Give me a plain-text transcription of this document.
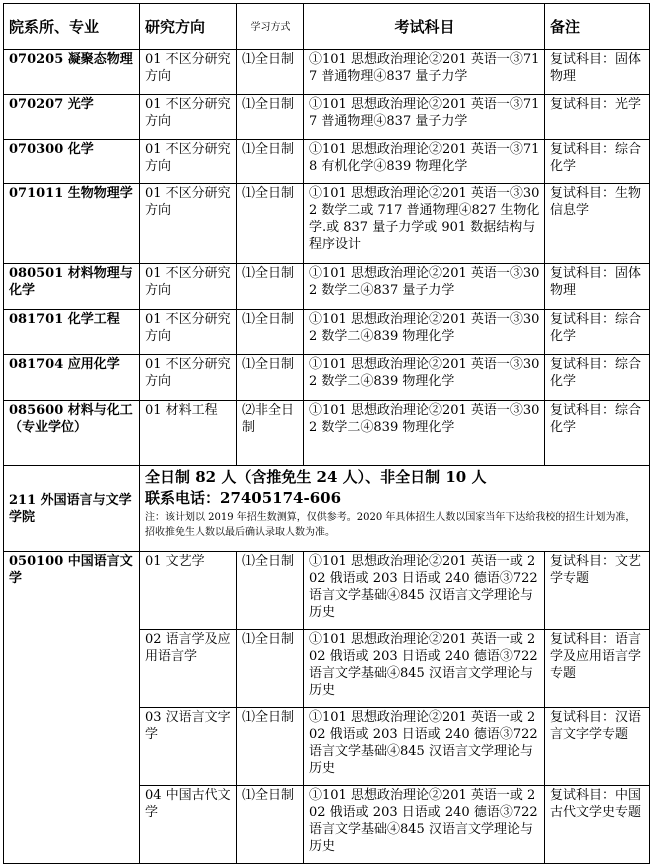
院系所、专业	研究方向	学习方式	考试科目	备注
070205 凝聚态物理	01 不区分研究方向	⑴全日制	①101 思想政治理论②201 英语一③717 普通物理④837 量子力学	复试科目：固体物理
070207 光学	01 不区分研究方向	⑴全日制	①101 思想政治理论②201 英语一③717 普通物理④837 量子力学	复试科目：光学
070300 化学	01 不区分研究方向	⑴全日制	①101 思想政治理论②201 英语一③718 有机化学④839 物理化学	复试科目：综合化学
071011 生物物理学	01 不区分研究方向	⑴全日制	①101 思想政治理论②201 英语一③302 数学二或 717 普通物理④827 生物化学.或 837 量子力学或 901 数据结构与程序设计	复试科目：生物信息学
080501 材料物理与化学	01 不区分研究方向	⑴全日制	①101 思想政治理论②201 英语一③302 数学二④837 量子力学	复试科目：固体物理
081701 化学工程	01 不区分研究方向	⑴全日制	①101 思想政治理论②201 英语一③302 数学二④839 物理化学	复试科目：综合化学
081704 应用化学	01 不区分研究方向	⑴全日制	①101 思想政治理论②201 英语一③302 数学二④839 物理化学	复试科目：综合化学
085600 材料与化工（专业学位）	01 材料工程	⑵非全日制	①101 思想政治理论②201 英语一③302 数学二④839 物理化学	复试科目：综合化学
211 外国语言与文学学院	全日制 82 人（含推免生 24 人）、非全日制 10 人
联系电话：27405174-606
注：该计划以 2019 年招生数测算，仅供参考。2020 年具体招生人数以国家当年下达给我校的招生计划为准，招收推免生人数以最后确认录取人数为准。			

050100 中国语言文学	01 文艺学	⑴全日制	①101 思想政治理论②201 英语一或 202 俄语或 203 日语或 240 德语③722 语言文学基础④845 汉语言文学理论与历史	复试科目：文艺学专题
	02 语言学及应用语言学	⑴全日制	①101 思想政治理论②201 英语一或 202 俄语或 203 日语或 240 德语③722 语言文学基础④845 汉语言文学理论与历史	复试科目：语言学及应用语言学专题
	03 汉语言文字学	⑴全日制	①101 思想政治理论②201 英语一或 202 俄语或 203 日语或 240 德语③722 语言文学基础④845 汉语言文学理论与历史	复试科目：汉语言文字学专题
	04 中国古代文学	⑴全日制	①101 思想政治理论②201 英语一或 202 俄语或 203 日语或 240 德语③722 语言文学基础④845 汉语言文学理论与历史	复试科目：中国古代文学史专题
